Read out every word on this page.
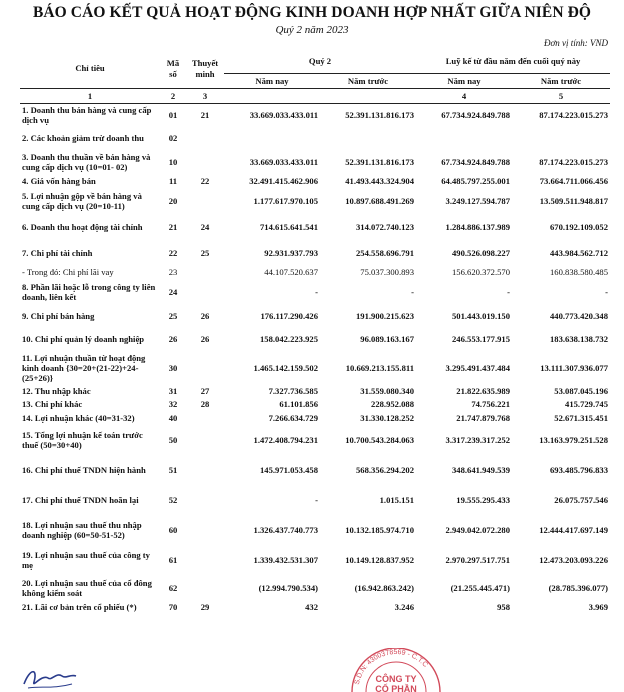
BÁO CÁO KẾT QUẢ HOẠT ĐỘNG KINH DOANH HỢP NHẤT GIỮA NIÊN ĐỘ
Quý 2 năm 2023
Đơn vị tính: VND
Chỉ tiêu	Mã số	Thuyết minh	Quý 2		Luỹ kế từ đầu năm đến cuối quý này	
			Năm nay	Năm trước	Năm nay	Năm trước
1	2	3			4	5
1. Doanh thu bán hàng và cung cấp dịch vụ	01	21	33.669.033.433.011	52.391.131.816.173	67.734.924.849.788	87.174.223.015.273
2. Các khoản giảm trừ doanh thu	02					
3. Doanh thu thuần về bán hàng và cung cấp dịch vụ (10=01- 02)	10		33.669.033.433.011	52.391.131.816.173	67.734.924.849.788	87.174.223.015.273
4. Giá vốn hàng bán	11	22	32.491.415.462.906	41.493.443.324.904	64.485.797.255.001	73.664.711.066.456
5. Lợi nhuận gộp về bán hàng và cung cấp dịch vụ (20=10-11)	20		1.177.617.970.105	10.897.688.491.269	3.249.127.594.787	13.509.511.948.817
6. Doanh thu hoạt động tài chính	21	24	714.615.641.541	314.072.740.123	1.284.886.137.989	670.192.109.052
7. Chi phí tài chính	22	25	92.931.937.793	254.558.696.791	490.526.098.227	443.984.562.712
- Trong đó: Chi phí lãi vay	23		44.107.520.637	75.037.300.893	156.620.372.570	160.838.580.485
8. Phần lãi hoặc lỗ trong công ty liên doanh, liên kết	24		-	-	-	-
9. Chi phí bán hàng	25	26	176.117.290.426	191.900.215.623	501.443.019.150	440.773.420.348
10. Chi phí quản lý doanh nghiệp	26	26	158.042.223.925	96.089.163.167	246.553.177.915	183.638.138.732
11. Lợi nhuận thuần từ hoạt động kinh doanh {30=20+(21-22)+24-(25+26)}	30		1.465.142.159.502	10.669.213.155.811	3.295.491.437.484	13.111.307.936.077
12. Thu nhập khác	31	27	7.327.736.585	31.559.080.340	21.822.635.989	53.087.045.196
13. Chi phí khác	32	28	61.101.856	228.952.088	74.756.221	415.729.745
14. Lợi nhuận khác (40=31-32)	40		7.266.634.729	31.330.128.252	21.747.879.768	52.671.315.451
15. Tổng lợi nhuận kế toán trước thuế (50=30+40)	50		1.472.408.794.231	10.700.543.284.063	3.317.239.317.252	13.163.979.251.528
16. Chi phí thuế TNDN hiện hành	51		145.971.053.458	568.356.294.202	348.641.949.539	693.485.796.833
17. Chi phí thuế TNDN hoãn lại	52		-	1.015.151	19.555.295.433	26.075.757.546
18. Lợi nhuận sau thuế thu nhập doanh nghiệp (60=50-51-52)	60		1.326.437.740.773	10.132.185.974.710	2.949.042.072.280	12.444.417.697.149
19. Lợi nhuận sau thuế của công ty mẹ	61		1.339.432.531.307	10.149.128.837.952	2.970.297.517.751	12.473.203.093.226
20. Lợi nhuận sau thuế của cổ đông không kiểm soát	62		(12.994.790.534)	(16.942.863.242)	(21.255.445.471)	(28.785.396.077)
21. Lãi cơ bản trên cổ phiếu (*)	70	29	432	3.246	958	3.969
S.D.N: 4300378569 - C.T.C
CÔNG TY
CỔ PHẦN
